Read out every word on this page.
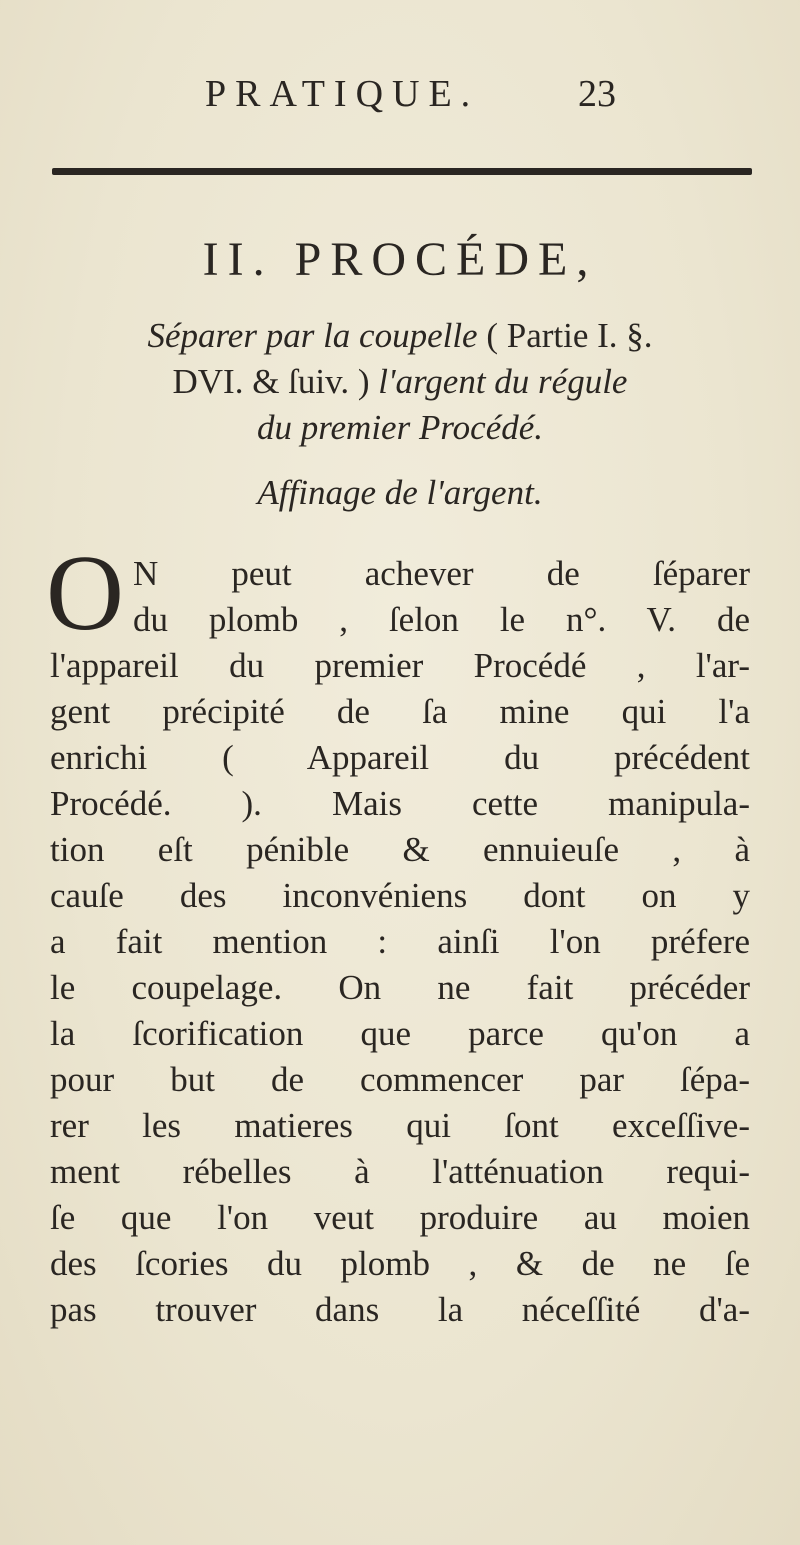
PRATIQUE.	23
II. PROCÉDE,
Séparer par la coupelle ( Partie I. §.
DVI. & ſuiv. ) l'argent du régule
du premier Procédé.
Affinage de l'argent.
O N peut achever de ſéparer
du plomb , ſelon le n°. V. de
l'appareil du premier Procédé , l'ar-
gent précipité de ſa mine qui l'a
enrichi ( Appareil du précédent
Procédé. ). Mais cette manipula-
tion eſt pénible & ennuieuſe , à
cauſe des inconvéniens dont on y
a fait mention : ainſi l'on préfere
le coupelage. On ne fait précéder
la ſcorification que parce qu'on a
pour but de commencer par ſépa-
rer les matieres qui ſont exceſſive-
ment rébelles à l'atténuation requi-
ſe que l'on veut produire au moien
des ſcories du plomb , & de ne ſe
pas trouver dans la néceſſité d'a-
